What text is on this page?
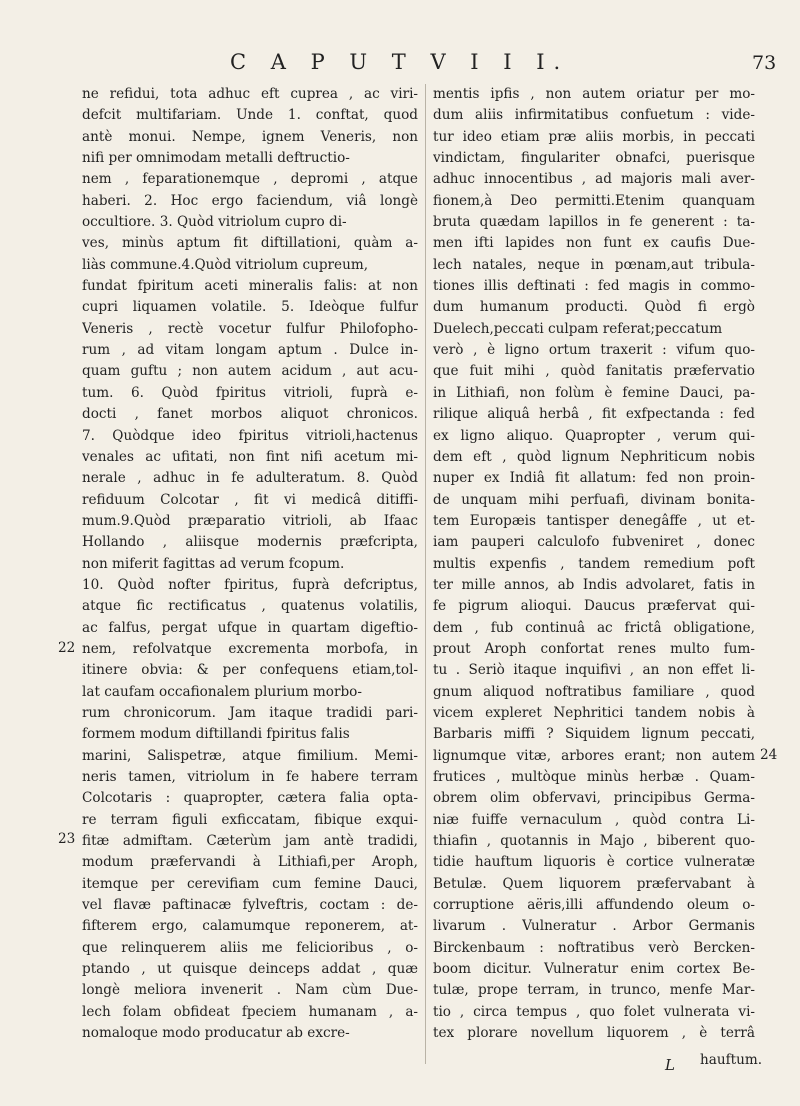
C A P U T V I I I.	73
ne refidui, tota adhuc eft cuprea , ac viri-
defcit multifariam. Unde 1. conftat, quod
antè monui. Nempe, ignem Veneris, non
nifi per omnimodam metalli deftructio-
nem , feparationemque , depromi , atque
haberi. 2. Hoc ergo faciendum, viâ longè
occultiore. 3. Quòd vitriolum cupro di-
ves, minùs aptum fit diftillationi, quàm a-
liàs commune.4.Quòd vitriolum cupreum,
fundat fpiritum aceti mineralis falis: at non
cupri liquamen volatile. 5. Ideòque fulfur
Veneris , rectè vocetur fulfur Philofopho-
rum , ad vitam longam aptum . Dulce in-
quam guftu ; non autem acidum , aut acu-
tum. 6. Quòd fpiritus vitrioli, fuprà e-
docti , fanet morbos aliquot chronicos.
7. Quòdque ideo fpiritus vitrioli,hactenus
venales ac ufitati, non fint nifi acetum mi-
nerale , adhuc in fe adulteratum. 8. Quòd
refiduum Colcotar , fit vi medicâ ditiffi-
mum.9.Quòd præparatio vitrioli, ab Ifaac
Hollando , aliisque modernis præfcripta,
non miferit fagittas ad verum fcopum.
10. Quòd nofter fpiritus, fuprà defcriptus,
atque fic rectificatus , quatenus volatilis,
ac falfus, pergat ufque in quartam digeftio-
nem, refolvatque excrementa morbofa, in
itinere obvia: & per confequens etiam,tol-
lat caufam occafionalem plurium morbo-
rum chronicorum. Jam itaque tradidi pari-
formem modum diftillandi fpiritus falis
marini, Salispetræ, atque fimilium. Memi-
neris tamen, vitriolum in fe habere terram
Colcotaris : quapropter, cætera falia opta-
re terram figuli exficcatam, fibique exqui-
fitæ admiftam. Cæterùm jam antè tradidi,
modum præfervandi à Lithiafi,per Aroph,
itemque per cerevifiam cum femine Dauci,
vel flavæ paftinacæ fylveftris, coctam : de-
fifterem ergo, calamumque reponerem, at-
que relinquerem aliis me felicioribus , o-
ptando , ut quisque deinceps addat , quæ
longè meliora invenerit . Nam cùm Due-
lech folam obfideat fpeciem humanam , a-
nomaloque modo producatur ab excre-
mentis ipfis , non autem oriatur per mo-
dum aliis infirmitatibus confuetum : vide-
tur ideo etiam præ aliis morbis, in peccati
vindictam, fingulariter obnafci, puerisque
adhuc innocentibus , ad majoris mali aver-
fionem,à Deo permitti.Etenim quanquam
bruta quædam lapillos in fe generent : ta-
men ifti lapides non funt ex caufis Due-
lech natales, neque in pœnam,aut tribula-
tiones illis deftinati : fed magis in commo-
dum humanum producti. Quòd fi ergò
Duelech,peccati culpam referat;peccatum
verò , è ligno ortum traxerit : vifum quo-
que fuit mihi , quòd fanitatis præfervatio
in Lithiafi, non folùm è femine Dauci, pa-
rilique aliquâ herbâ , fit exfpectanda : fed
ex ligno aliquo. Quapropter , verum qui-
dem eft , quòd lignum Nephriticum nobis
nuper ex Indiâ fit allatum: fed non proin-
de unquam mihi perfuafi, divinam bonita-
tem Europæis tantisper denegâffe , ut et-
iam pauperi calculofo fubveniret , donec
multis expenfis , tandem remedium poft
ter mille annos, ab Indis advolaret, fatis in
fe pigrum alioqui. Daucus præfervat qui-
dem , fub continuâ ac frictâ obligatione,
prout Aroph confortat renes multo fum-
tu . Seriò itaque inquifivi , an non effet li-
gnum aliquod noftratibus familiare , quod
vicem expleret Nephritici tandem nobis à
Barbaris miffi ? Siquidem lignum peccati,
lignumque vitæ, arbores erant; non autem
frutices , multòque minùs herbæ . Quam-
obrem olim obfervavi, principibus Germa-
niæ fuiffe vernaculum , quòd contra Li-
thiafin , quotannis in Majo , biberent quo-
tidie hauftum liquoris è cortice vulneratæ
Betulæ. Quem liquorem præfervabant à
corruptione aëris,illi affundendo oleum o-
livarum . Vulneratur . Arbor Germanis
Birckenbaum : noftratibus verò Bercken-
boom dicitur. Vulneratur enim cortex Be-
tulæ, prope terram, in trunco, menfe Mar-
tio , circa tempus , quo folet vulnerata vi-
tex plorare novellum liquorem , è terrâ
22
23
24
L hauftum.
